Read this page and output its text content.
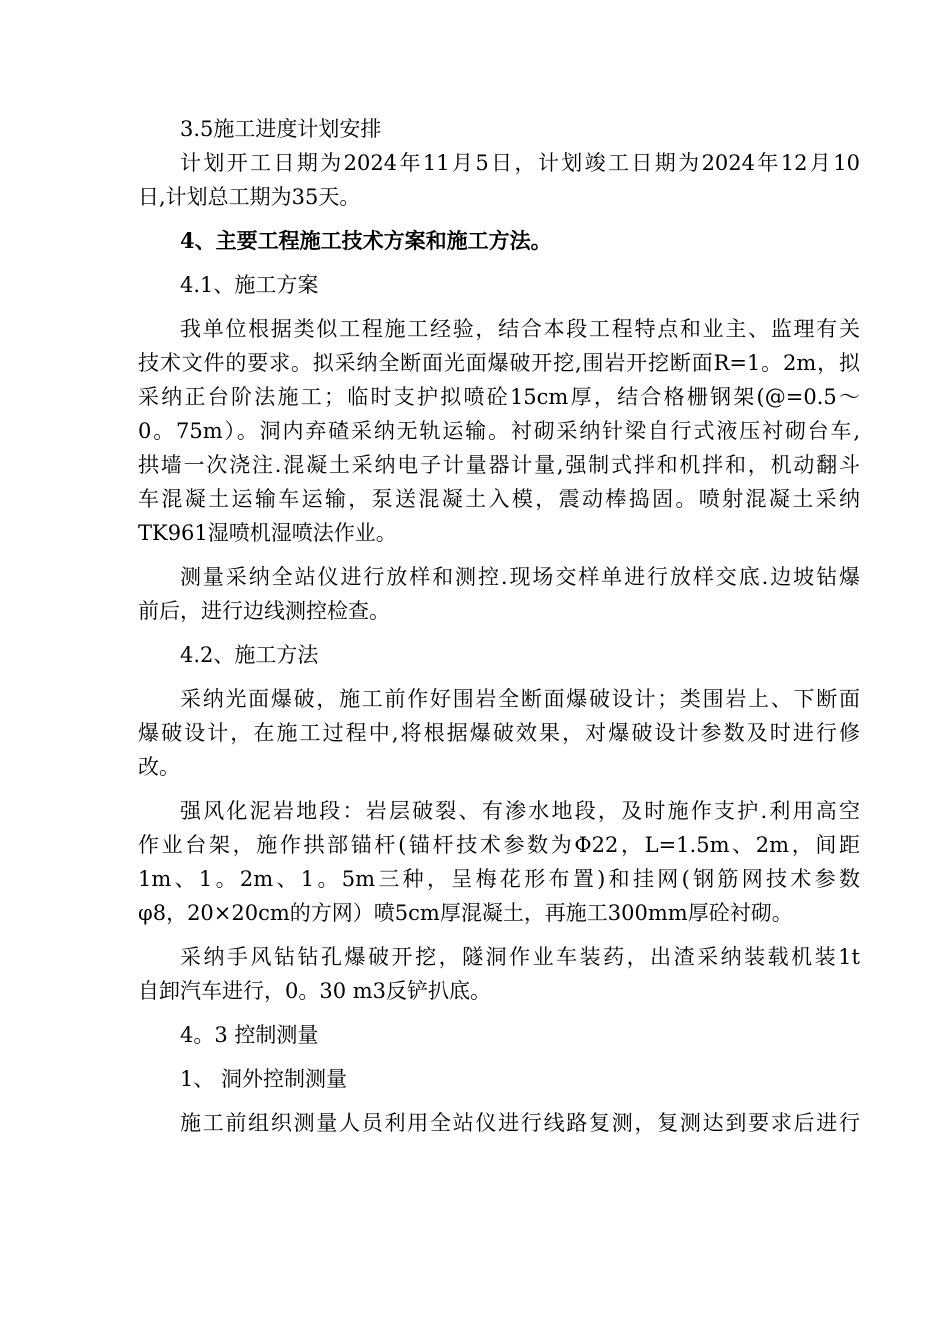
3.5施工进度计划安排

计划开工日期为2024年11月5日，计划竣工日期为2024年12月10

日,计划总工期为35天。

4、主要工程施工技术方案和施工方法。

4.1、施工方案

我单位根据类似工程施工经验，结合本段工程特点和业主、监理有关

技术文件的要求。拟采纳全断面光面爆破开挖,围岩开挖断面R=1。2m，拟

采纳正台阶法施工；临时支护拟喷砼15cm厚，结合格栅钢架(@=0.5～

0。75m）。洞内弃碴采纳无轨运输。衬砌采纳针梁自行式液压衬砌台车,

拱墙一次浇注.混凝土采纳电子计量器计量,强制式拌和机拌和，机动翻斗

车混凝土运输车运输，泵送混凝土入模，震动棒捣固。喷射混凝土采纳

TK961湿喷机湿喷法作业。

测量采纳全站仪进行放样和测控.现场交样单进行放样交底.边坡钻爆

前后，进行边线测控检查。

4.2、施工方法

采纳光面爆破，施工前作好围岩全断面爆破设计；类围岩上、下断面

爆破设计，在施工过程中,将根据爆破效果，对爆破设计参数及时进行修

改。

强风化泥岩地段：岩层破裂、有渗水地段，及时施作支护.利用高空

作业台架，施作拱部锚杆(锚杆技术参数为Φ22，L=1.5m、2m，间距

1m、1。2m、1。5m三种，呈梅花形布置)和挂网(钢筋网技术参数

φ8，20×20cm的方网）喷5cm厚混凝土，再施工300mm厚砼衬砌。

采纳手风钻钻孔爆破开挖，隧洞作业车装药，出渣采纳装载机装1t

自卸汽车进行，0。30 m3反铲扒底。

4。3 控制测量

1、 洞外控制测量

施工前组织测量人员利用全站仪进行线路复测，复测达到要求后进行
